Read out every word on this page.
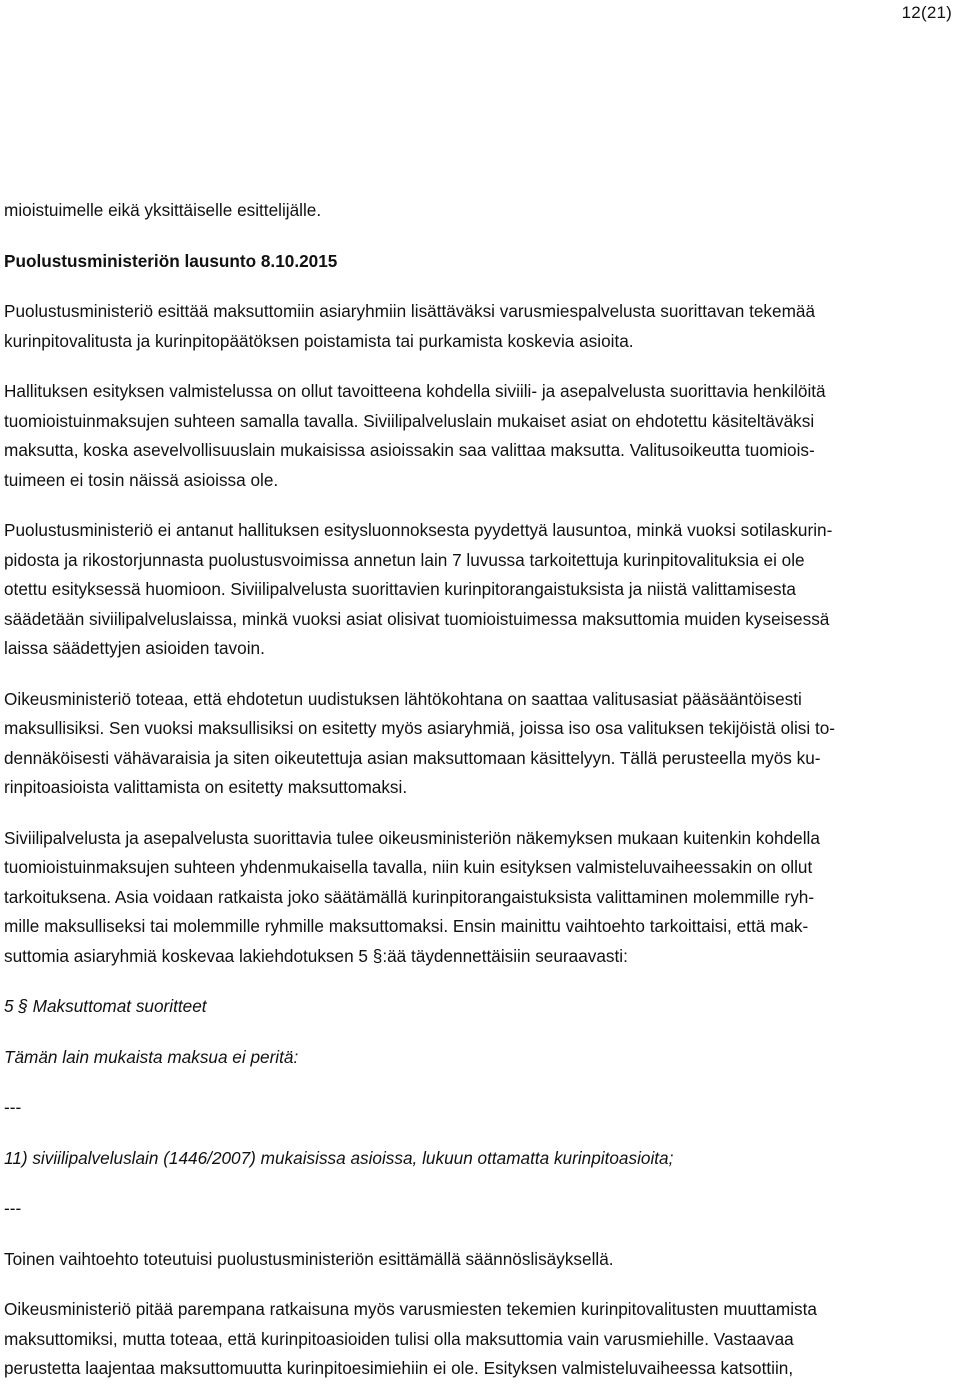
12(21)
mioistuimelle eikä yksittäiselle esittelijälle.
Puolustusministeriön lausunto 8.10.2015
Puolustusministeriö esittää maksuttomiin asiaryhmiin lisättäväksi varusmiespalvelusta suorittavan tekemää
kurinpitovalitusta ja kurinpitopäätöksen poistamista tai purkamista koskevia asioita.
Hallituksen esityksen valmistelussa on ollut tavoitteena kohdella siviili- ja asepalvelusta suorittavia henkilöitä
tuomioistuinmaksujen suhteen samalla tavalla. Siviilipalveluslain mukaiset asiat on ehdotettu käsiteltäväksi
maksutta, koska asevelvollisuuslain mukaisissa asioissakin saa valittaa maksutta. Valitusoikeutta tuomiois-
tuimeen ei tosin näissä asioissa ole.
Puolustusministeriö ei antanut hallituksen esitysluonnoksesta pyydettyä lausuntoa, minkä vuoksi sotilaskurin-
pidosta ja rikostorjunnasta puolustusvoimissa annetun lain 7 luvussa tarkoitettuja kurinpitovalituksia ei ole
otettu esityksessä huomioon. Siviilipalvelusta suorittavien kurinpitorangaistuksista ja niistä valittamisesta
säädetään siviilipalveluslaissa, minkä vuoksi asiat olisivat tuomioistuimessa maksuttomia muiden kyseisessä
laissa säädettyjen asioiden tavoin.
Oikeusministeriö toteaa, että ehdotetun uudistuksen lähtökohtana on saattaa valitusasiat pääsääntöisesti
maksullisiksi. Sen vuoksi maksullisiksi on esitetty myös asiaryhmiä, joissa iso osa valituksen tekijöistä olisi to-
dennäköisesti vähävaraisia ja siten oikeutettuja asian maksuttomaan käsittelyyn. Tällä perusteella myös ku-
rinpitoasioista valittamista on esitetty maksuttomaksi.
Siviilipalvelusta ja asepalvelusta suorittavia tulee oikeusministeriön näkemyksen mukaan kuitenkin kohdella
tuomioistuinmaksujen suhteen yhdenmukaisella tavalla, niin kuin esityksen valmisteluvaiheessakin on ollut
tarkoituksena. Asia voidaan ratkaista joko säätämällä kurinpitorangaistuksista valittaminen molemmille ryh-
mille maksulliseksi tai molemmille ryhmille maksuttomaksi. Ensin mainittu vaihtoehto tarkoittaisi, että mak-
suttomia asiaryhmiä koskevaa lakiehdotuksen 5 §:ää täydennettäisiin seuraavasti:
5 § Maksuttomat suoritteet
Tämän lain mukaista maksua ei peritä:
---
11) siviilipalveluslain (1446/2007) mukaisissa asioissa, lukuun ottamatta kurinpitoasioita;
---
Toinen vaihtoehto toteutuisi puolustusministeriön esittämällä säännöslisäyksellä.
Oikeusministeriö pitää parempana ratkaisuna myös varusmiesten tekemien kurinpitovalitusten muuttamista
maksuttomiksi, mutta toteaa, että kurinpitoasioiden tulisi olla maksuttomia vain varusmiehille. Vastaavaa
perustetta laajentaa maksuttomuutta kurinpitoesimiehiin ei ole. Esityksen valmisteluvaiheessa katsottiin,
